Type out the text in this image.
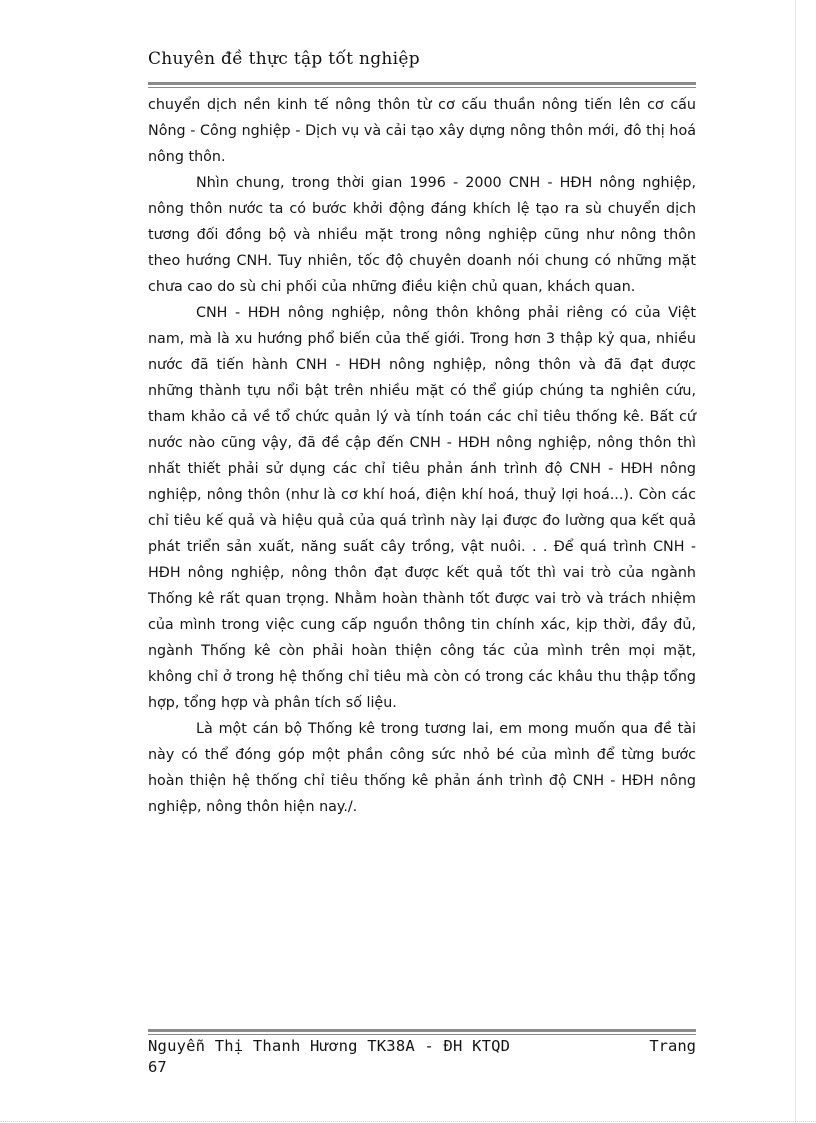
Chuyên đề thực tập tốt nghiệp

chuyển dịch nền kinh tế nông thôn từ cơ cấu thuần nông tiến lên cơ cấu Nông - Công nghiệp - Dịch vụ và cải tạo xây dựng nông thôn mới, đô thị hoá nông thôn.

Nhìn chung, trong thời gian 1996 - 2000 CNH - HĐH nông nghiệp, nông thôn nước ta có bước khởi động đáng khích lệ tạo ra sù chuyển dịch tương đối đồng bộ và nhiều mặt trong nông nghiệp cũng như nông thôn theo hướng CNH. Tuy nhiên, tốc độ chuyên doanh nói chung có những mặt chưa cao do sù chi phối của những điều kiện chủ quan, khách quan.

CNH - HĐH nông nghiệp, nông thôn không phải riêng có của Việt nam, mà là xu hướng phổ biến của thế giới. Trong hơn 3 thập kỷ qua, nhiều nước đã tiến hành CNH - HĐH nông nghiệp, nông thôn và đã đạt được những thành tựu nổi bật trên nhiều mặt có thể giúp chúng ta nghiên cứu, tham khảo cả về tổ chức quản lý và tính toán các chỉ tiêu thống kê. Bất cứ nước nào cũng vậy, đã đề cập đến CNH - HĐH nông nghiệp, nông thôn thì nhất thiết phải sử dụng các chỉ tiêu phản ánh trình độ CNH - HĐH nông nghiệp, nông thôn (như là cơ khí hoá, điện khí hoá, thuỷ lợi hoá...). Còn các chỉ tiêu kế quả và hiệu quả của quá trình này lại được đo lường qua kết quả phát triển sản xuất, năng suất cây trồng, vật nuôi. . . Để quá trình CNH - HĐH nông nghiệp, nông thôn đạt được kết quả tốt thì vai trò của ngành Thống kê rất quan trọng. Nhằm hoàn thành tốt được vai trò và trách nhiệm của mình trong việc cung cấp nguồn thông tin chính xác, kịp thời, đầy đủ, ngành Thống kê còn phải hoàn thiện công tác của mình trên mọi mặt, không chỉ ở trong hệ thống chỉ tiêu mà còn có trong các khâu thu thập tổng hợp, tổng hợp và phân tích số liệu.

Là một cán bộ Thống kê trong tương lai, em mong muốn qua đề tài này có thể đóng góp một phần công sức nhỏ bé của mình để từng bước hoàn thiện hệ thống chỉ tiêu thống kê phản ánh trình độ CNH - HĐH nông nghiệp, nông thôn hiện nay./.

Nguyễn Thị Thanh Hương TK38A - ĐH KTQD	Trang
67
